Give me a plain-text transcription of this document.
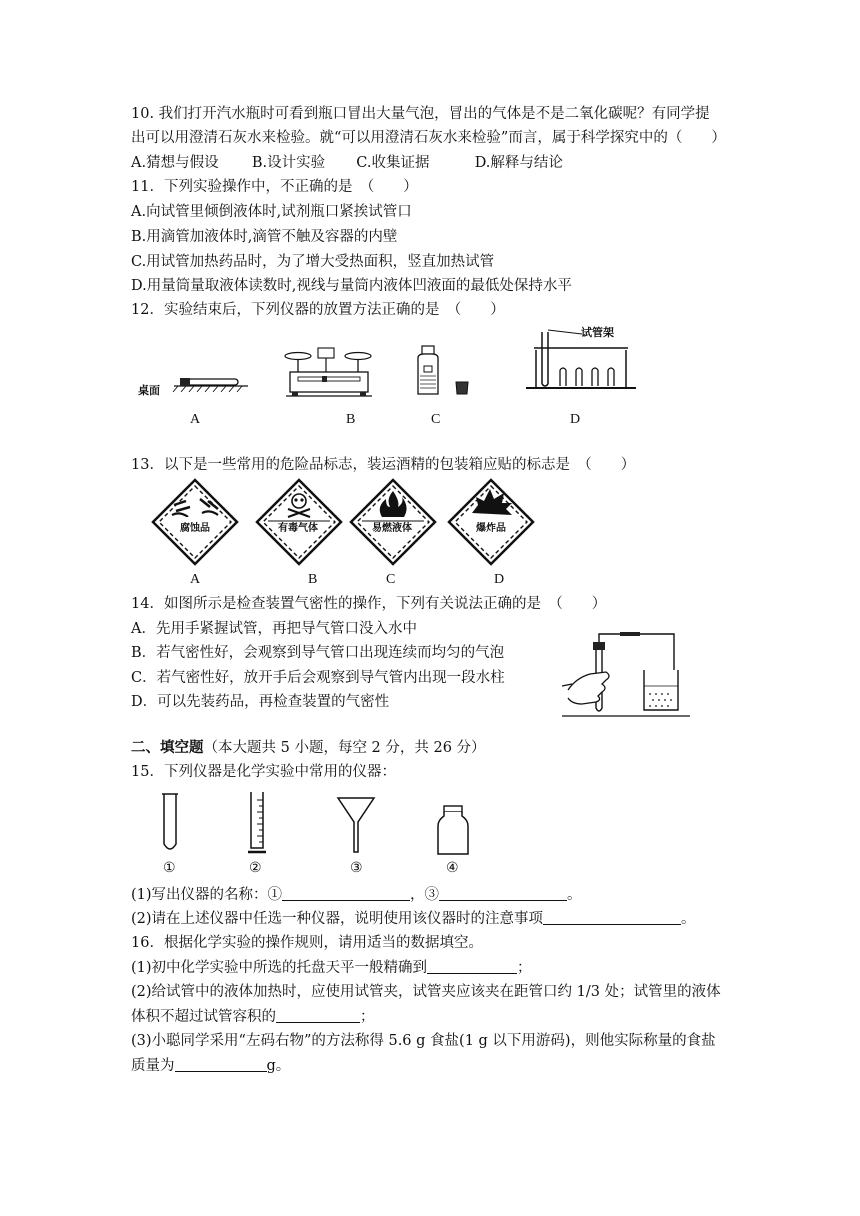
10. 我们打开汽水瓶时可看到瓶口冒出大量气泡，冒出的气体是不是二氧化碳呢？有同学提
出可以用澄清石灰水来检验。就“可以用澄清石灰水来检验”而言，属于科学探究中的（　　）
A.猜想与假设 B.设计实验 C.收集证据	D.解释与结论
11．下列实验操作中，不正确的是　（　　）
A.向试管里倾倒液体时,试剂瓶口紧挨试管口
B.用滴管加液体时,滴管不触及容器的内壁
C.用试管加热药品时，为了增大受热面积，竖直加热试管
D.用量筒量取液体读数时,视线与量筒内液体凹液面的最低处保持水平
12．实验结束后，下列仪器的放置方法正确的是　（　　）
桌面
试管架
A	B	C	D
13．以下是一些常用的危险品标志，装运酒精的包装箱应贴的标志是　（　　）
腐蚀品	有毒气体	易燃液体	爆炸品
A	B	C	D
14．如图所示是检查装置气密性的操作，下列有关说法正确的是　（　　）
A．先用手紧握试管，再把导气管口没入水中
B．若气密性好，会观察到导气管口出现连续而均匀的气泡
C．若气密性好，放开手后会观察到导气管内出现一段水柱
D．可以先装药品，再检查装置的气密性
二、填空题（本大题共 5 小题，每空 2 分，共 26 分）
15．下列仪器是化学实验中常用的仪器：
①	②	③	④
(1)写出仪器的名称：①	，③	。
(2)请在上述仪器中任选一种仪器，说明使用该仪器时的注意事项	。
16．根据化学实验的操作规则，请用适当的数据填空。
(1)初中化学实验中所选的托盘天平一般精确到	；
(2)给试管中的液体加热时，应使用试管夹，试管夹应该夹在距管口约 1/3 处；试管里的液体
体积不超过试管容积的	；
(3)小聪同学采用“左码右物”的方法称得 5.6 g 食盐(1 g 以下用游码)，则他实际称量的食盐
质量为	g。
